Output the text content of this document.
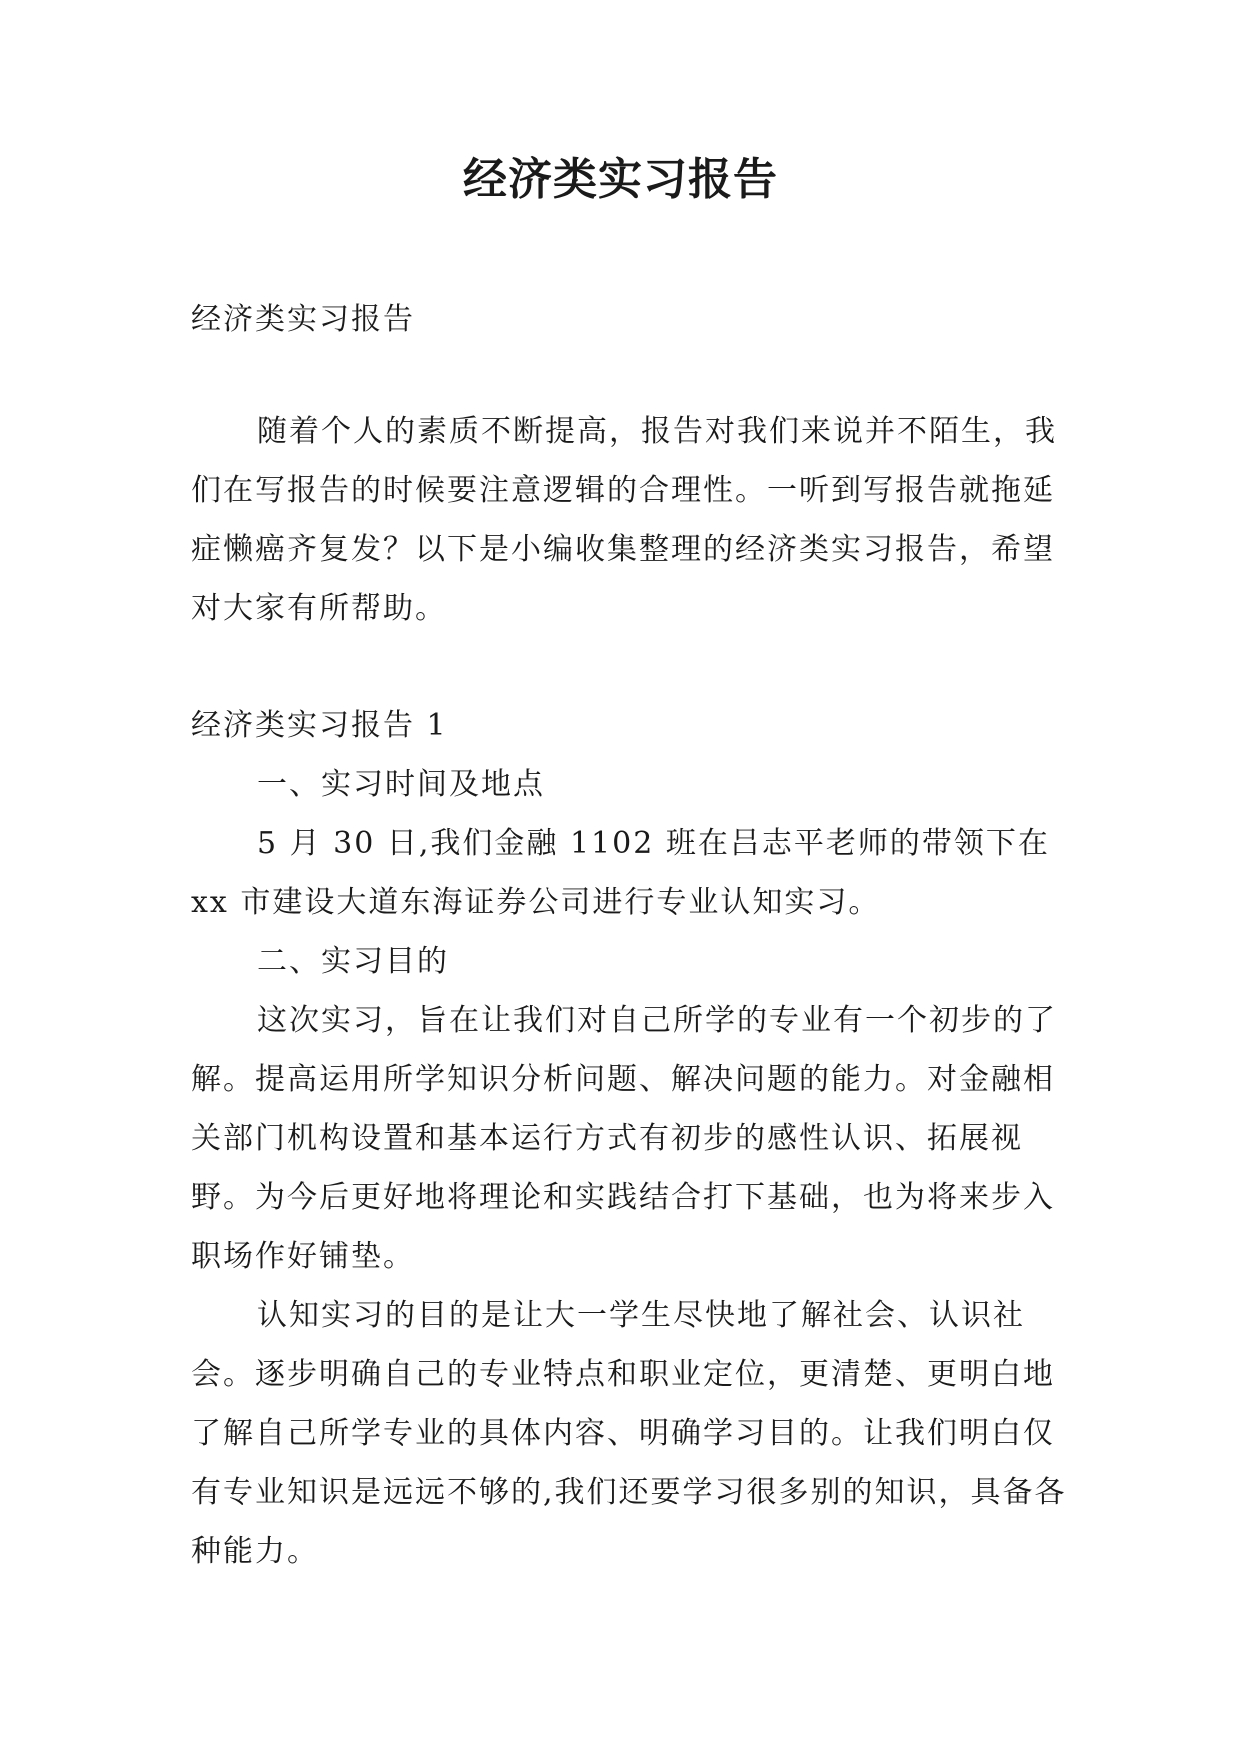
经济类实习报告

经济类实习报告

随着个人的素质不断提高，报告对我们来说并不陌生，我们在写报告的时候要注意逻辑的合理性。一听到写报告就拖延症懒癌齐复发？以下是小编收集整理的经济类实习报告，希望对大家有所帮助。

经济类实习报告 1

一、实习时间及地点

5 月 30 日,我们金融 1102 班在吕志平老师的带领下在 xx 市建设大道东海证券公司进行专业认知实习。

二、实习目的

这次实习，旨在让我们对自己所学的专业有一个初步的了解。提高运用所学知识分析问题、解决问题的能力。对金融相关部门机构设置和基本运行方式有初步的感性认识、拓展视野。为今后更好地将理论和实践结合打下基础，也为将来步入职场作好铺垫。

认知实习的目的是让大一学生尽快地了解社会、认识社会。逐步明确自己的专业特点和职业定位，更清楚、更明白地了解自己所学专业的具体内容、明确学习目的。让我们明白仅有专业知识是远远不够的,我们还要学习很多别的知识，具备各种能力。
